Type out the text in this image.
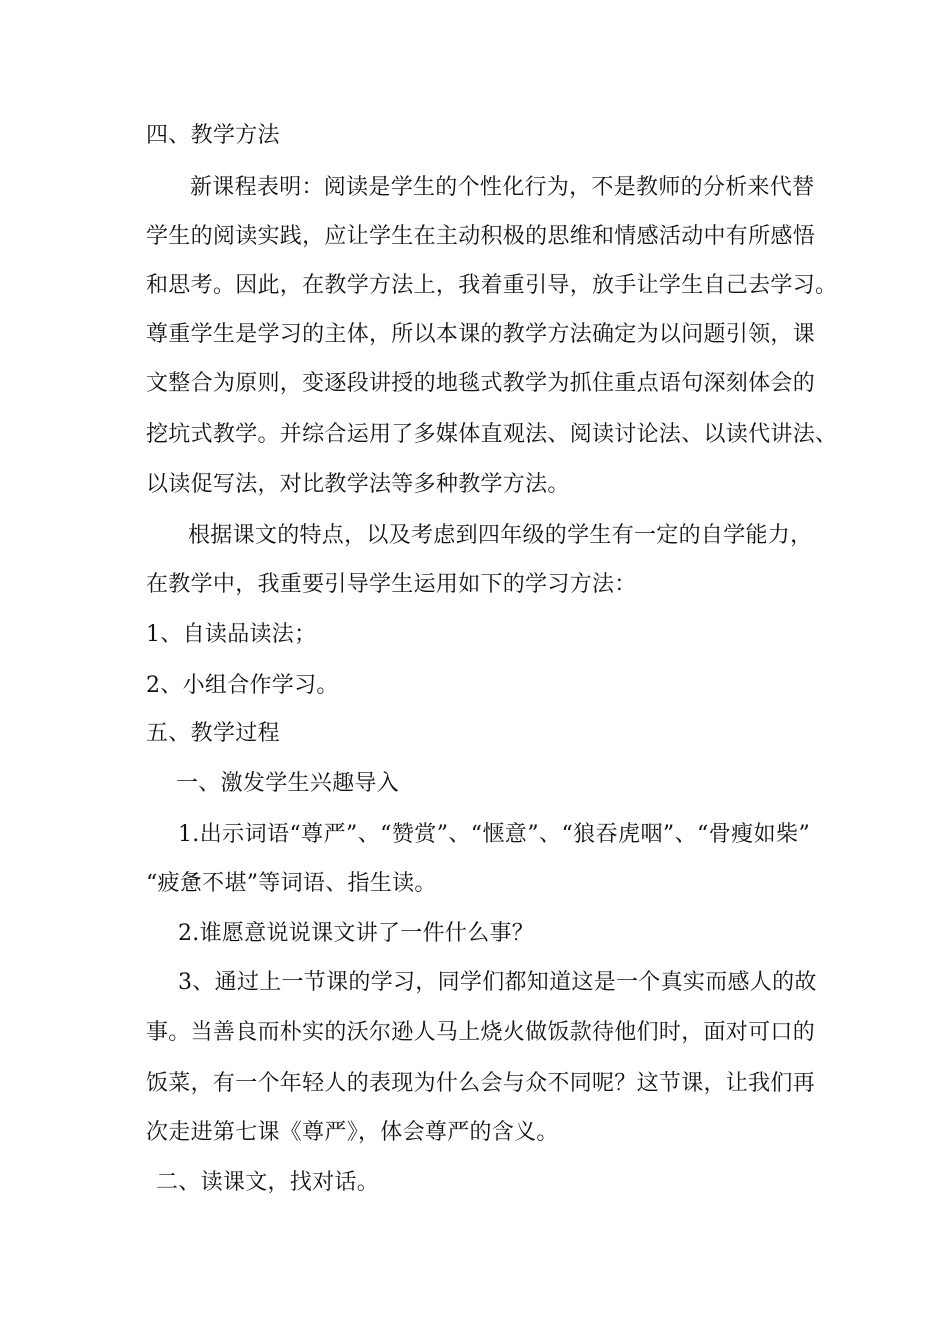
四、教学方法
新课程表明：阅读是学生的个性化行为，不是教师的分析来代替
学生的阅读实践，应让学生在主动积极的思维和情感活动中有所感悟
和思考。因此，在教学方法上，我着重引导，放手让学生自己去学习。
尊重学生是学习的主体，所以本课的教学方法确定为以问题引领，课
文整合为原则，变逐段讲授的地毯式教学为抓住重点语句深刻体会的
挖坑式教学。并综合运用了多媒体直观法、阅读讨论法、以读代讲法、
以读促写法，对比教学法等多种教学方法。
根据课文的特点，以及考虑到四年级的学生有一定的自学能力，
在教学中，我重要引导学生运用如下的学习方法：
1、自读品读法；
2、小组合作学习。
五、教学过程
一、激发学生兴趣导入
1.出示词语“尊严”、“赞赏”、“惬意”、“狼吞虎咽”、“骨瘦如柴”
“疲惫不堪”等词语、指生读。
2.谁愿意说说课文讲了一件什么事？
3、通过上一节课的学习，同学们都知道这是一个真实而感人的故
事。当善良而朴实的沃尔逊人马上烧火做饭款待他们时，面对可口的
饭菜，有一个年轻人的表现为什么会与众不同呢？这节课，让我们再
次走进第七课《尊严》，体会尊严的含义。
二、读课文，找对话。
